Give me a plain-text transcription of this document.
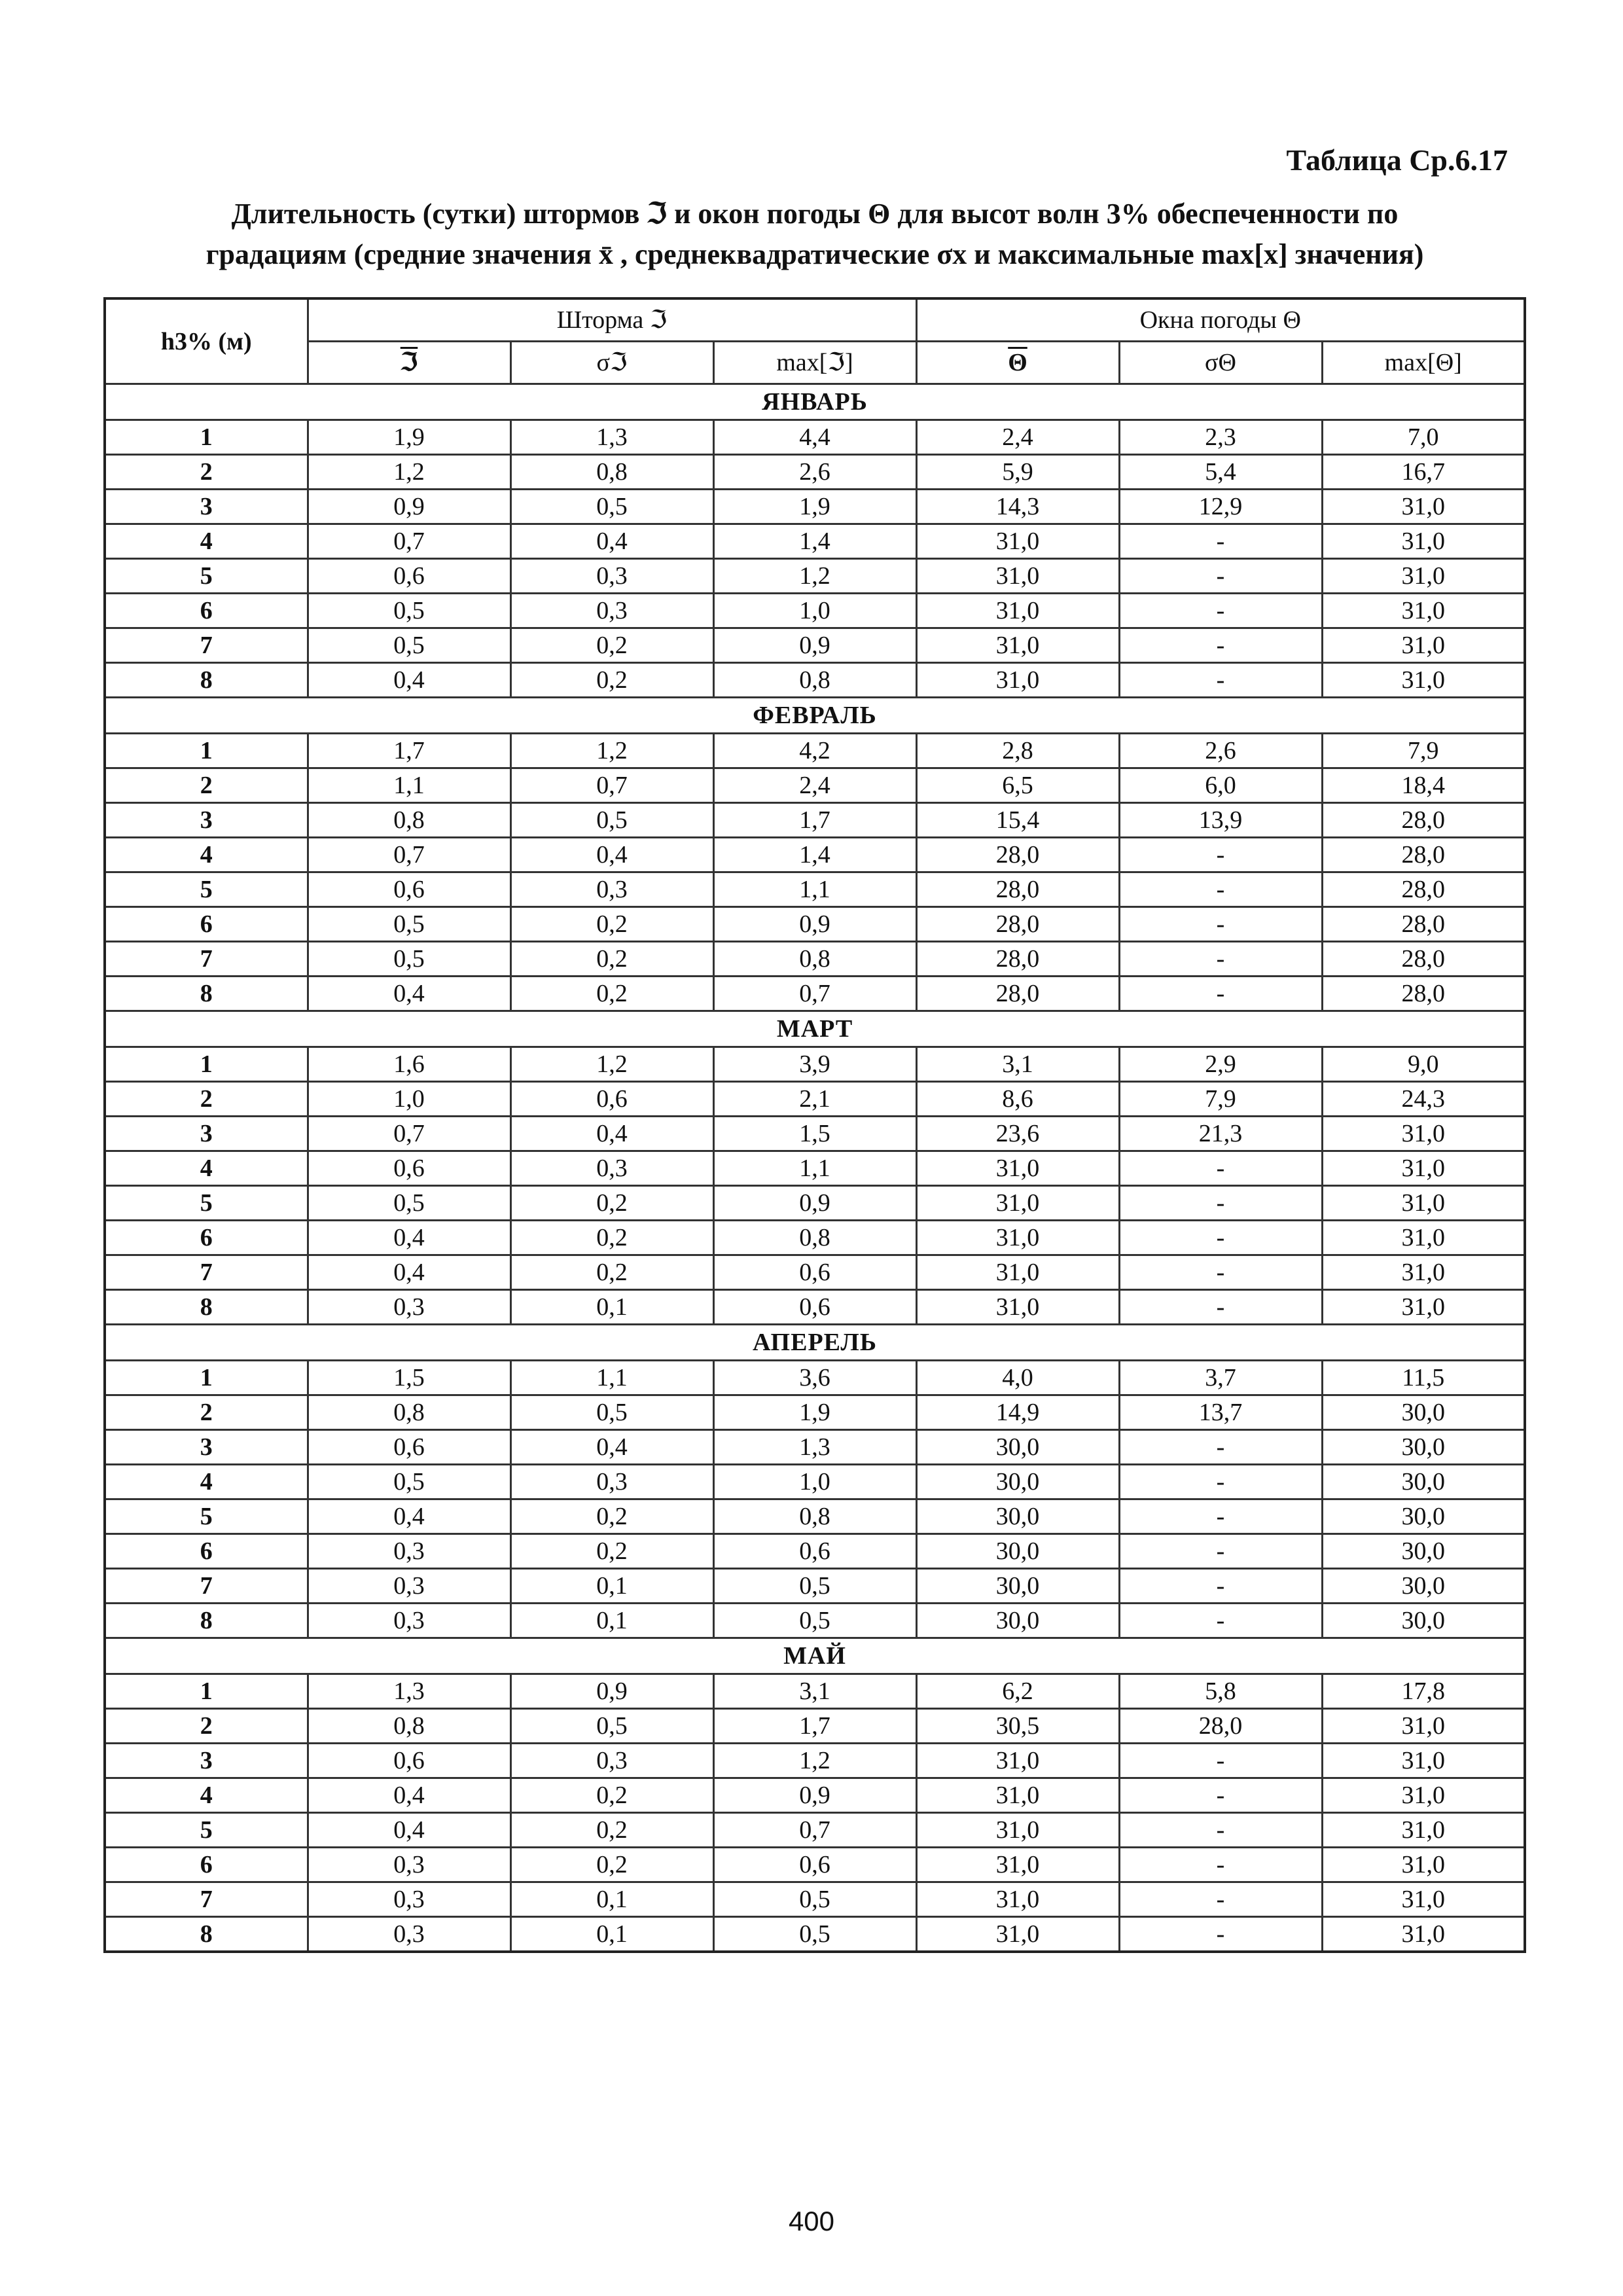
Таблица Ср.6.17
Длительность (сутки) штормов ℑ и окон погоды Θ для высот волн 3% обеспеченности по
градациям (средние значения x̄ , среднеквадратические σx и максимальные max[x] значения)
h3% (м)	Шторма ℑ			Окна погоды Θ		
	ℑ	σℑ	max[ℑ]	$\overline{\Theta}$	σΘ	max[Θ]
ЯНВАРЬ						
1	1,9	1,3	4,4	2,4	2,3	7,0
2	1,2	0,8	2,6	5,9	5,4	16,7
3	0,9	0,5	1,9	14,3	12,9	31,0
4	0,7	0,4	1,4	31,0	-	31,0
5	0,6	0,3	1,2	31,0	-	31,0
6	0,5	0,3	1,0	31,0	-	31,0
7	0,5	0,2	0,9	31,0	-	31,0
8	0,4	0,2	0,8	31,0	-	31,0
ФЕВРАЛЬ						
1	1,7	1,2	4,2	2,8	2,6	7,9
2	1,1	0,7	2,4	6,5	6,0	18,4
3	0,8	0,5	1,7	15,4	13,9	28,0
4	0,7	0,4	1,4	28,0	-	28,0
5	0,6	0,3	1,1	28,0	-	28,0
6	0,5	0,2	0,9	28,0	-	28,0
7	0,5	0,2	0,8	28,0	-	28,0
8	0,4	0,2	0,7	28,0	-	28,0
МАРТ						
1	1,6	1,2	3,9	3,1	2,9	9,0
2	1,0	0,6	2,1	8,6	7,9	24,3
3	0,7	0,4	1,5	23,6	21,3	31,0
4	0,6	0,3	1,1	31,0	-	31,0
5	0,5	0,2	0,9	31,0	-	31,0
6	0,4	0,2	0,8	31,0	-	31,0
7	0,4	0,2	0,6	31,0	-	31,0
8	0,3	0,1	0,6	31,0	-	31,0
АПЕРЕЛЬ						
1	1,5	1,1	3,6	4,0	3,7	11,5
2	0,8	0,5	1,9	14,9	13,7	30,0
3	0,6	0,4	1,3	30,0	-	30,0
4	0,5	0,3	1,0	30,0	-	30,0
5	0,4	0,2	0,8	30,0	-	30,0
6	0,3	0,2	0,6	30,0	-	30,0
7	0,3	0,1	0,5	30,0	-	30,0
8	0,3	0,1	0,5	30,0	-	30,0
МАЙ						
1	1,3	0,9	3,1	6,2	5,8	17,8
2	0,8	0,5	1,7	30,5	28,0	31,0
3	0,6	0,3	1,2	31,0	-	31,0
4	0,4	0,2	0,9	31,0	-	31,0
5	0,4	0,2	0,7	31,0	-	31,0
6	0,3	0,2	0,6	31,0	-	31,0
7	0,3	0,1	0,5	31,0	-	31,0
8	0,3	0,1	0,5	31,0	-	31,0
400
